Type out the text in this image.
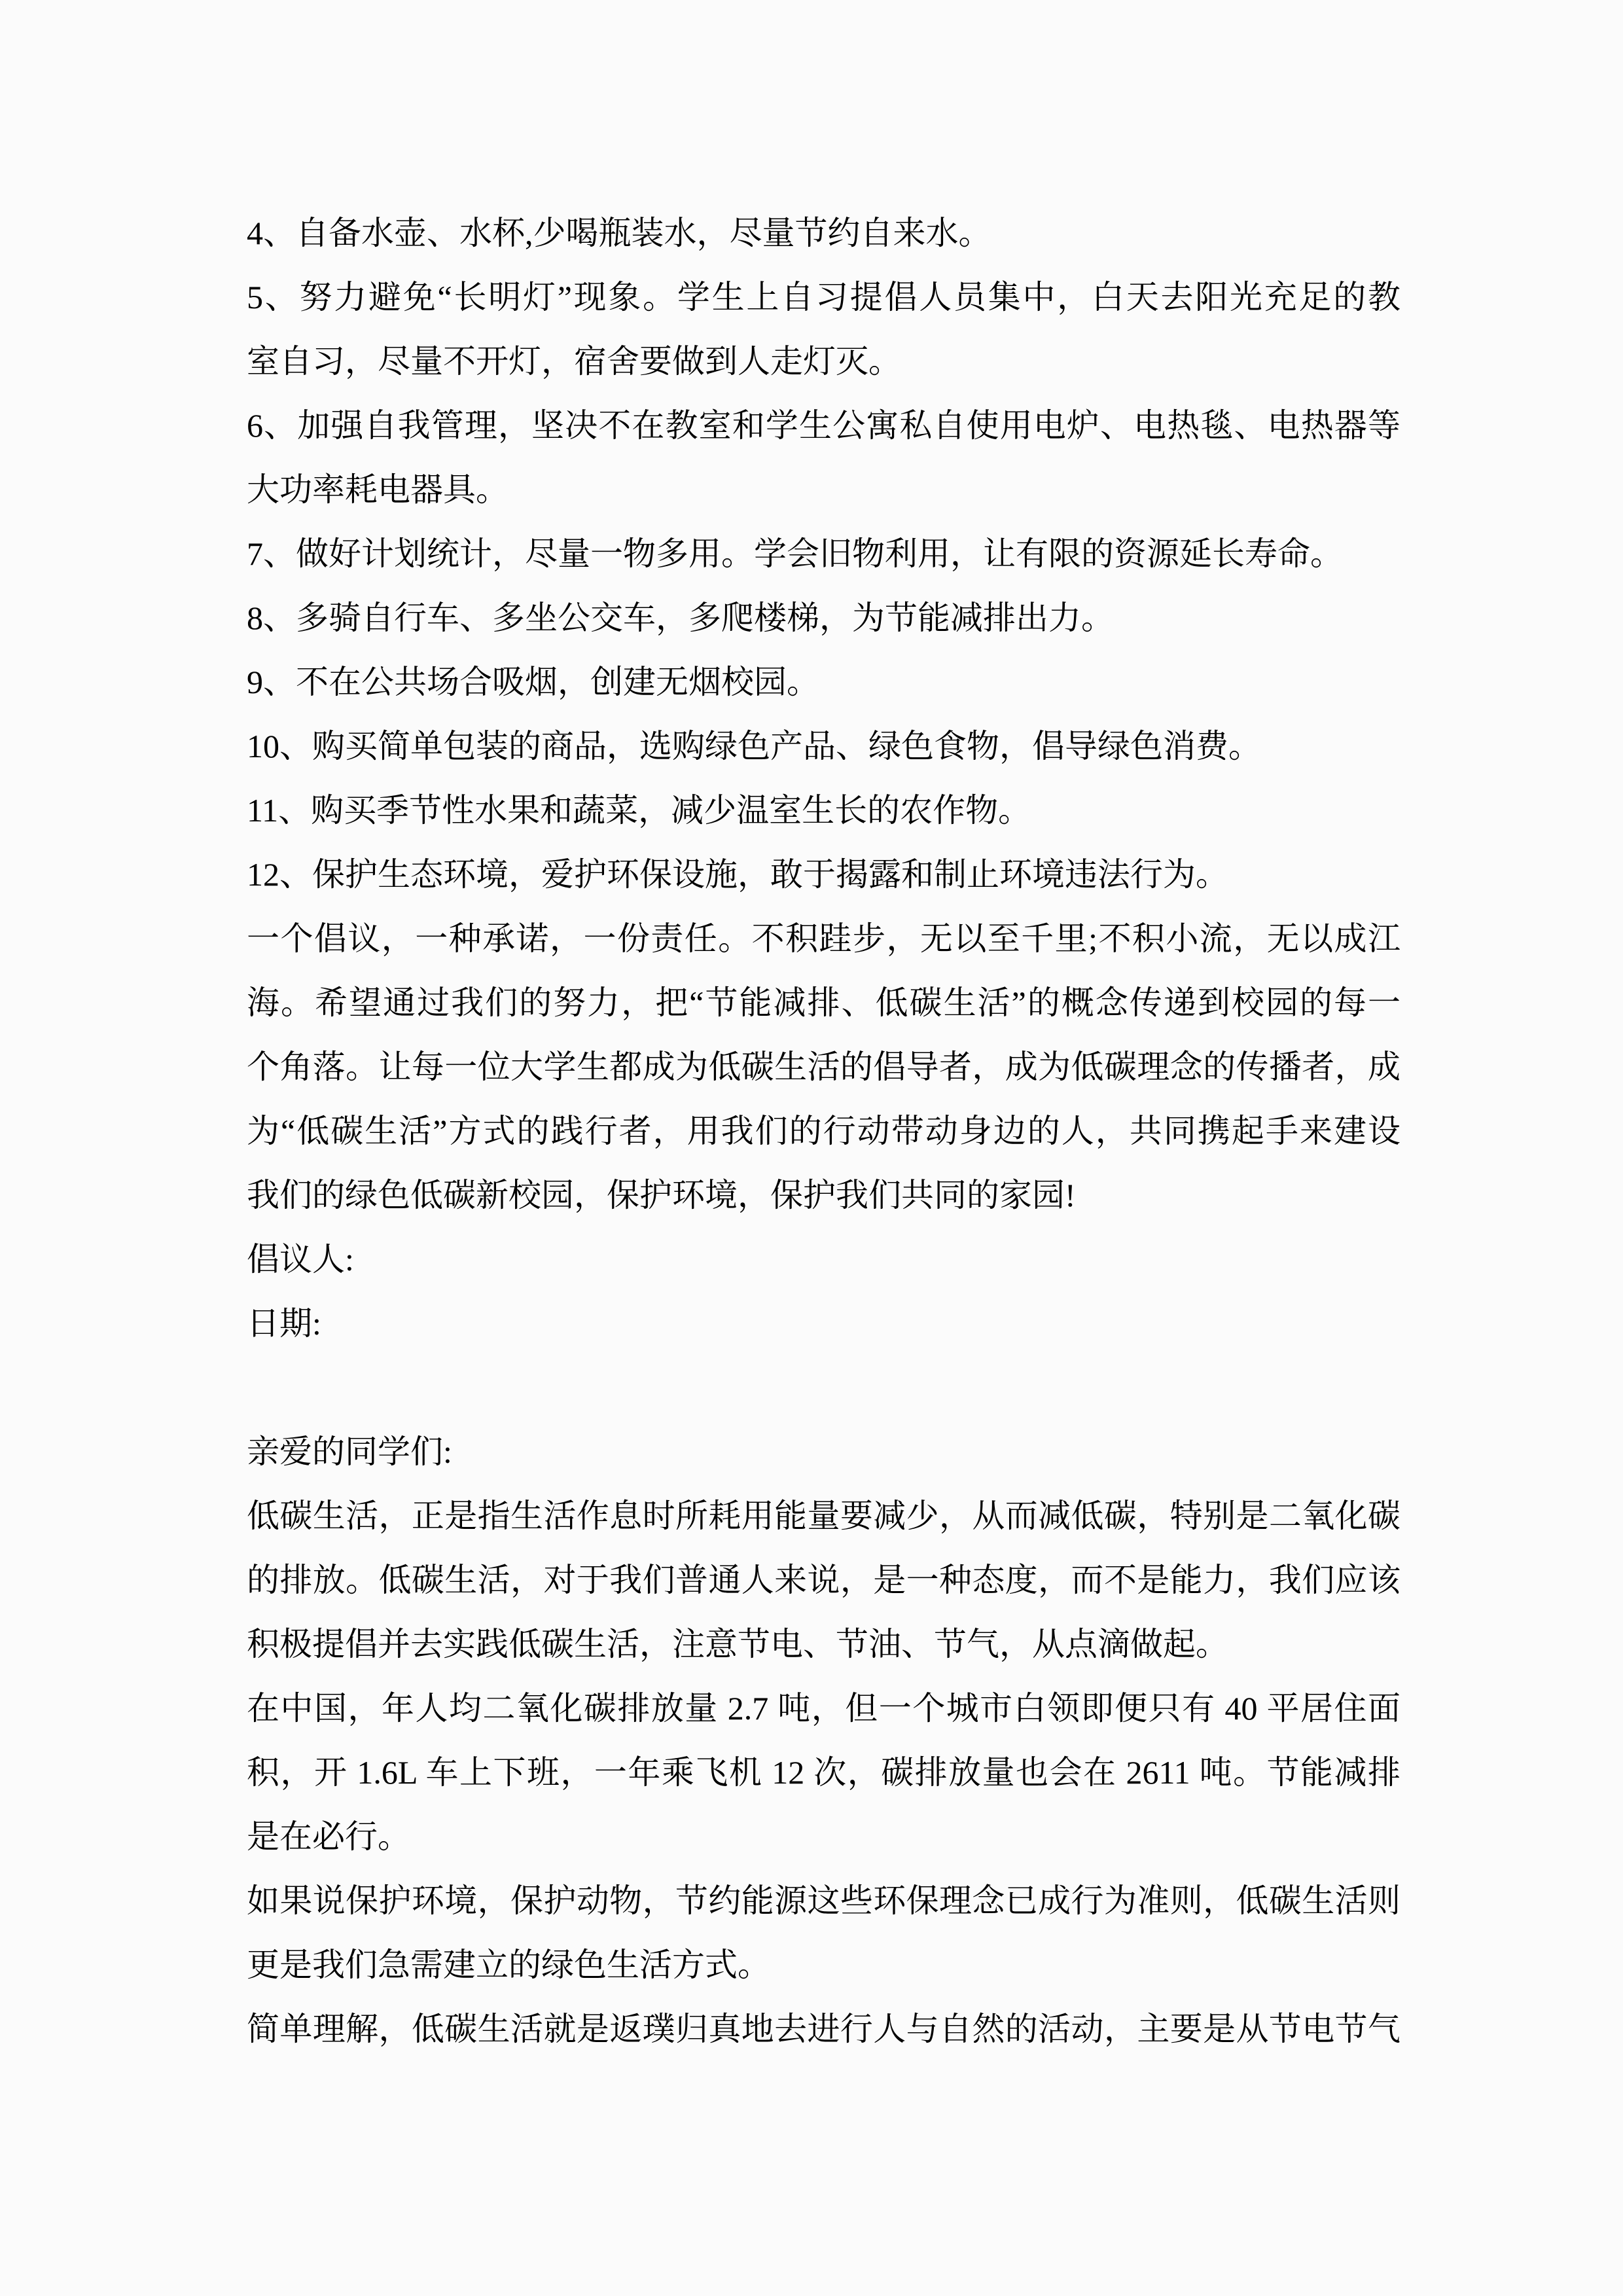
4、自备水壶、水杯,少喝瓶装水，尽量节约自来水。
5、努力避免“长明灯”现象。学生上自习提倡人员集中，白天去阳光充足的教
室自习，尽量不开灯，宿舍要做到人走灯灭。
6、加强自我管理，坚决不在教室和学生公寓私自使用电炉、电热毯、电热器等
大功率耗电器具。
7、做好计划统计，尽量一物多用。学会旧物利用，让有限的资源延长寿命。
8、多骑自行车、多坐公交车，多爬楼梯，为节能减排出力。
9、不在公共场合吸烟，创建无烟校园。
10、购买简单包装的商品，选购绿色产品、绿色食物，倡导绿色消费。
11、购买季节性水果和蔬菜，减少温室生长的农作物。
12、保护生态环境，爱护环保设施，敢于揭露和制止环境违法行为。
一个倡议，一种承诺，一份责任。不积跬步，无以至千里;不积小流，无以成江
海。希望通过我们的努力，把“节能减排、低碳生活”的概念传递到校园的每一
个角落。让每一位大学生都成为低碳生活的倡导者，成为低碳理念的传播者，成
为“低碳生活”方式的践行者，用我们的行动带动身边的人，共同携起手来建设
我们的绿色低碳新校园，保护环境，保护我们共同的家园!
倡议人:
日期:
亲爱的同学们:
低碳生活，正是指生活作息时所耗用能量要减少，从而减低碳，特别是二氧化碳
的排放。低碳生活，对于我们普通人来说，是一种态度，而不是能力，我们应该
积极提倡并去实践低碳生活，注意节电、节油、节气，从点滴做起。
在中国，年人均二氧化碳排放量 2.7 吨，但一个城市白领即便只有 40 平居住面
积，开 1.6L 车上下班，一年乘飞机 12 次，碳排放量也会在 2611 吨。节能减排
是在必行。
如果说保护环境，保护动物，节约能源这些环保理念已成行为准则，低碳生活则
更是我们急需建立的绿色生活方式。
简单理解，低碳生活就是返璞归真地去进行人与自然的活动，主要是从节电节气
